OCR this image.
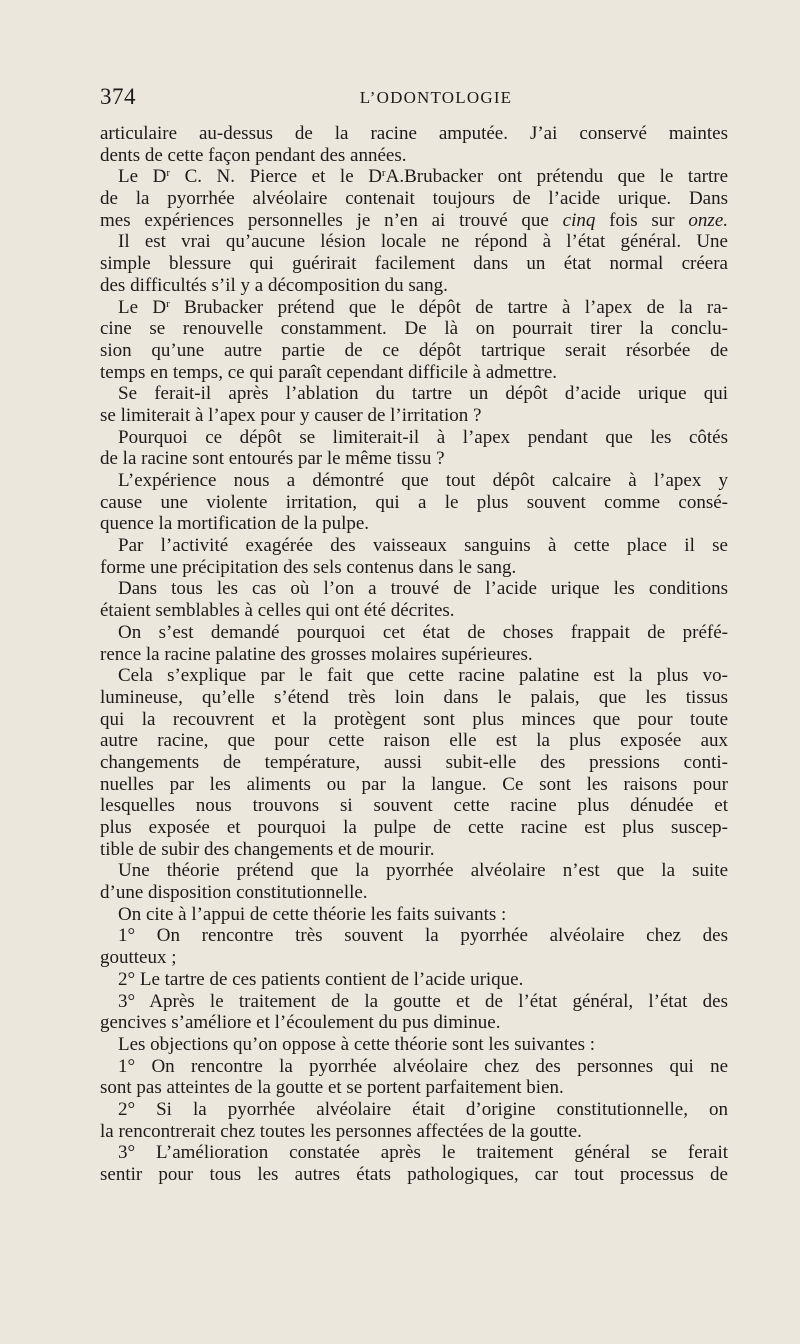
374	L’ODONTOLOGIE
articulaire au-dessus de la racine amputée. J’ai conservé maintes
dents de cette façon pendant des années.
Le $D^r$ C. N. Pierce et le $D^rA.Brubacker$ ont prétendu que le tartre
de la pyorrhée alvéolaire contenait toujours de l’acide urique. Dans
mes expériences personnelles je n’en ai trouvé que cinq fois sur onze.
Il est vrai qu’aucune lésion locale ne répond à l’état général. Une
simple blessure qui guérirait facilement dans un état normal créera
des difficultés s’il y a décomposition du sang.
Le $D^r$ Brubacker prétend que le dépôt de tartre à l’apex de la ra-
cine se renouvelle constamment. De là on pourrait tirer la conclu-
sion qu’une autre partie de ce dépôt tartrique serait résorbée de
temps en temps, ce qui paraît cependant difficile à admettre.
Se ferait-il après l’ablation du tartre un dépôt d’acide urique qui
se limiterait à l’apex pour y causer de l’irritation ?
Pourquoi ce dépôt se limiterait-il à l’apex pendant que les côtés
de la racine sont entourés par le même tissu ?
L’expérience nous a démontré que tout dépôt calcaire à l’apex y
cause une violente irritation, qui a le plus souvent comme consé-
quence la mortification de la pulpe.
Par l’activité exagérée des vaisseaux sanguins à cette place il se
forme une précipitation des sels contenus dans le sang.
Dans tous les cas où l’on a trouvé de l’acide urique les conditions
étaient semblables à celles qui ont été décrites.
On s’est demandé pourquoi cet état de choses frappait de préfé-
rence la racine palatine des grosses molaires supérieures.
Cela s’explique par le fait que cette racine palatine est la plus vo-
lumineuse, qu’elle s’étend très loin dans le palais, que les tissus
qui la recouvrent et la protègent sont plus minces que pour toute
autre racine, que pour cette raison elle est la plus exposée aux
changements de température, aussi subit-elle des pressions conti-
nuelles par les aliments ou par la langue. Ce sont les raisons pour
lesquelles nous trouvons si souvent cette racine plus dénudée et
plus exposée et pourquoi la pulpe de cette racine est plus suscep-
tible de subir des changements et de mourir.
Une théorie prétend que la pyorrhée alvéolaire n’est que la suite
d’une disposition constitutionnelle.
On cite à l’appui de cette théorie les faits suivants :
1° On rencontre très souvent la pyorrhée alvéolaire chez des
goutteux ;
2° Le tartre de ces patients contient de l’acide urique.
3° Après le traitement de la goutte et de l’état général, l’état des
gencives s’améliore et l’écoulement du pus diminue.
Les objections qu’on oppose à cette théorie sont les suivantes :
1° On rencontre la pyorrhée alvéolaire chez des personnes qui ne
sont pas atteintes de la goutte et se portent parfaitement bien.
2° Si la pyorrhée alvéolaire était d’origine constitutionnelle, on
la rencontrerait chez toutes les personnes affectées de la goutte.
3° L’amélioration constatée après le traitement général se ferait
sentir pour tous les autres états pathologiques, car tout processus de
